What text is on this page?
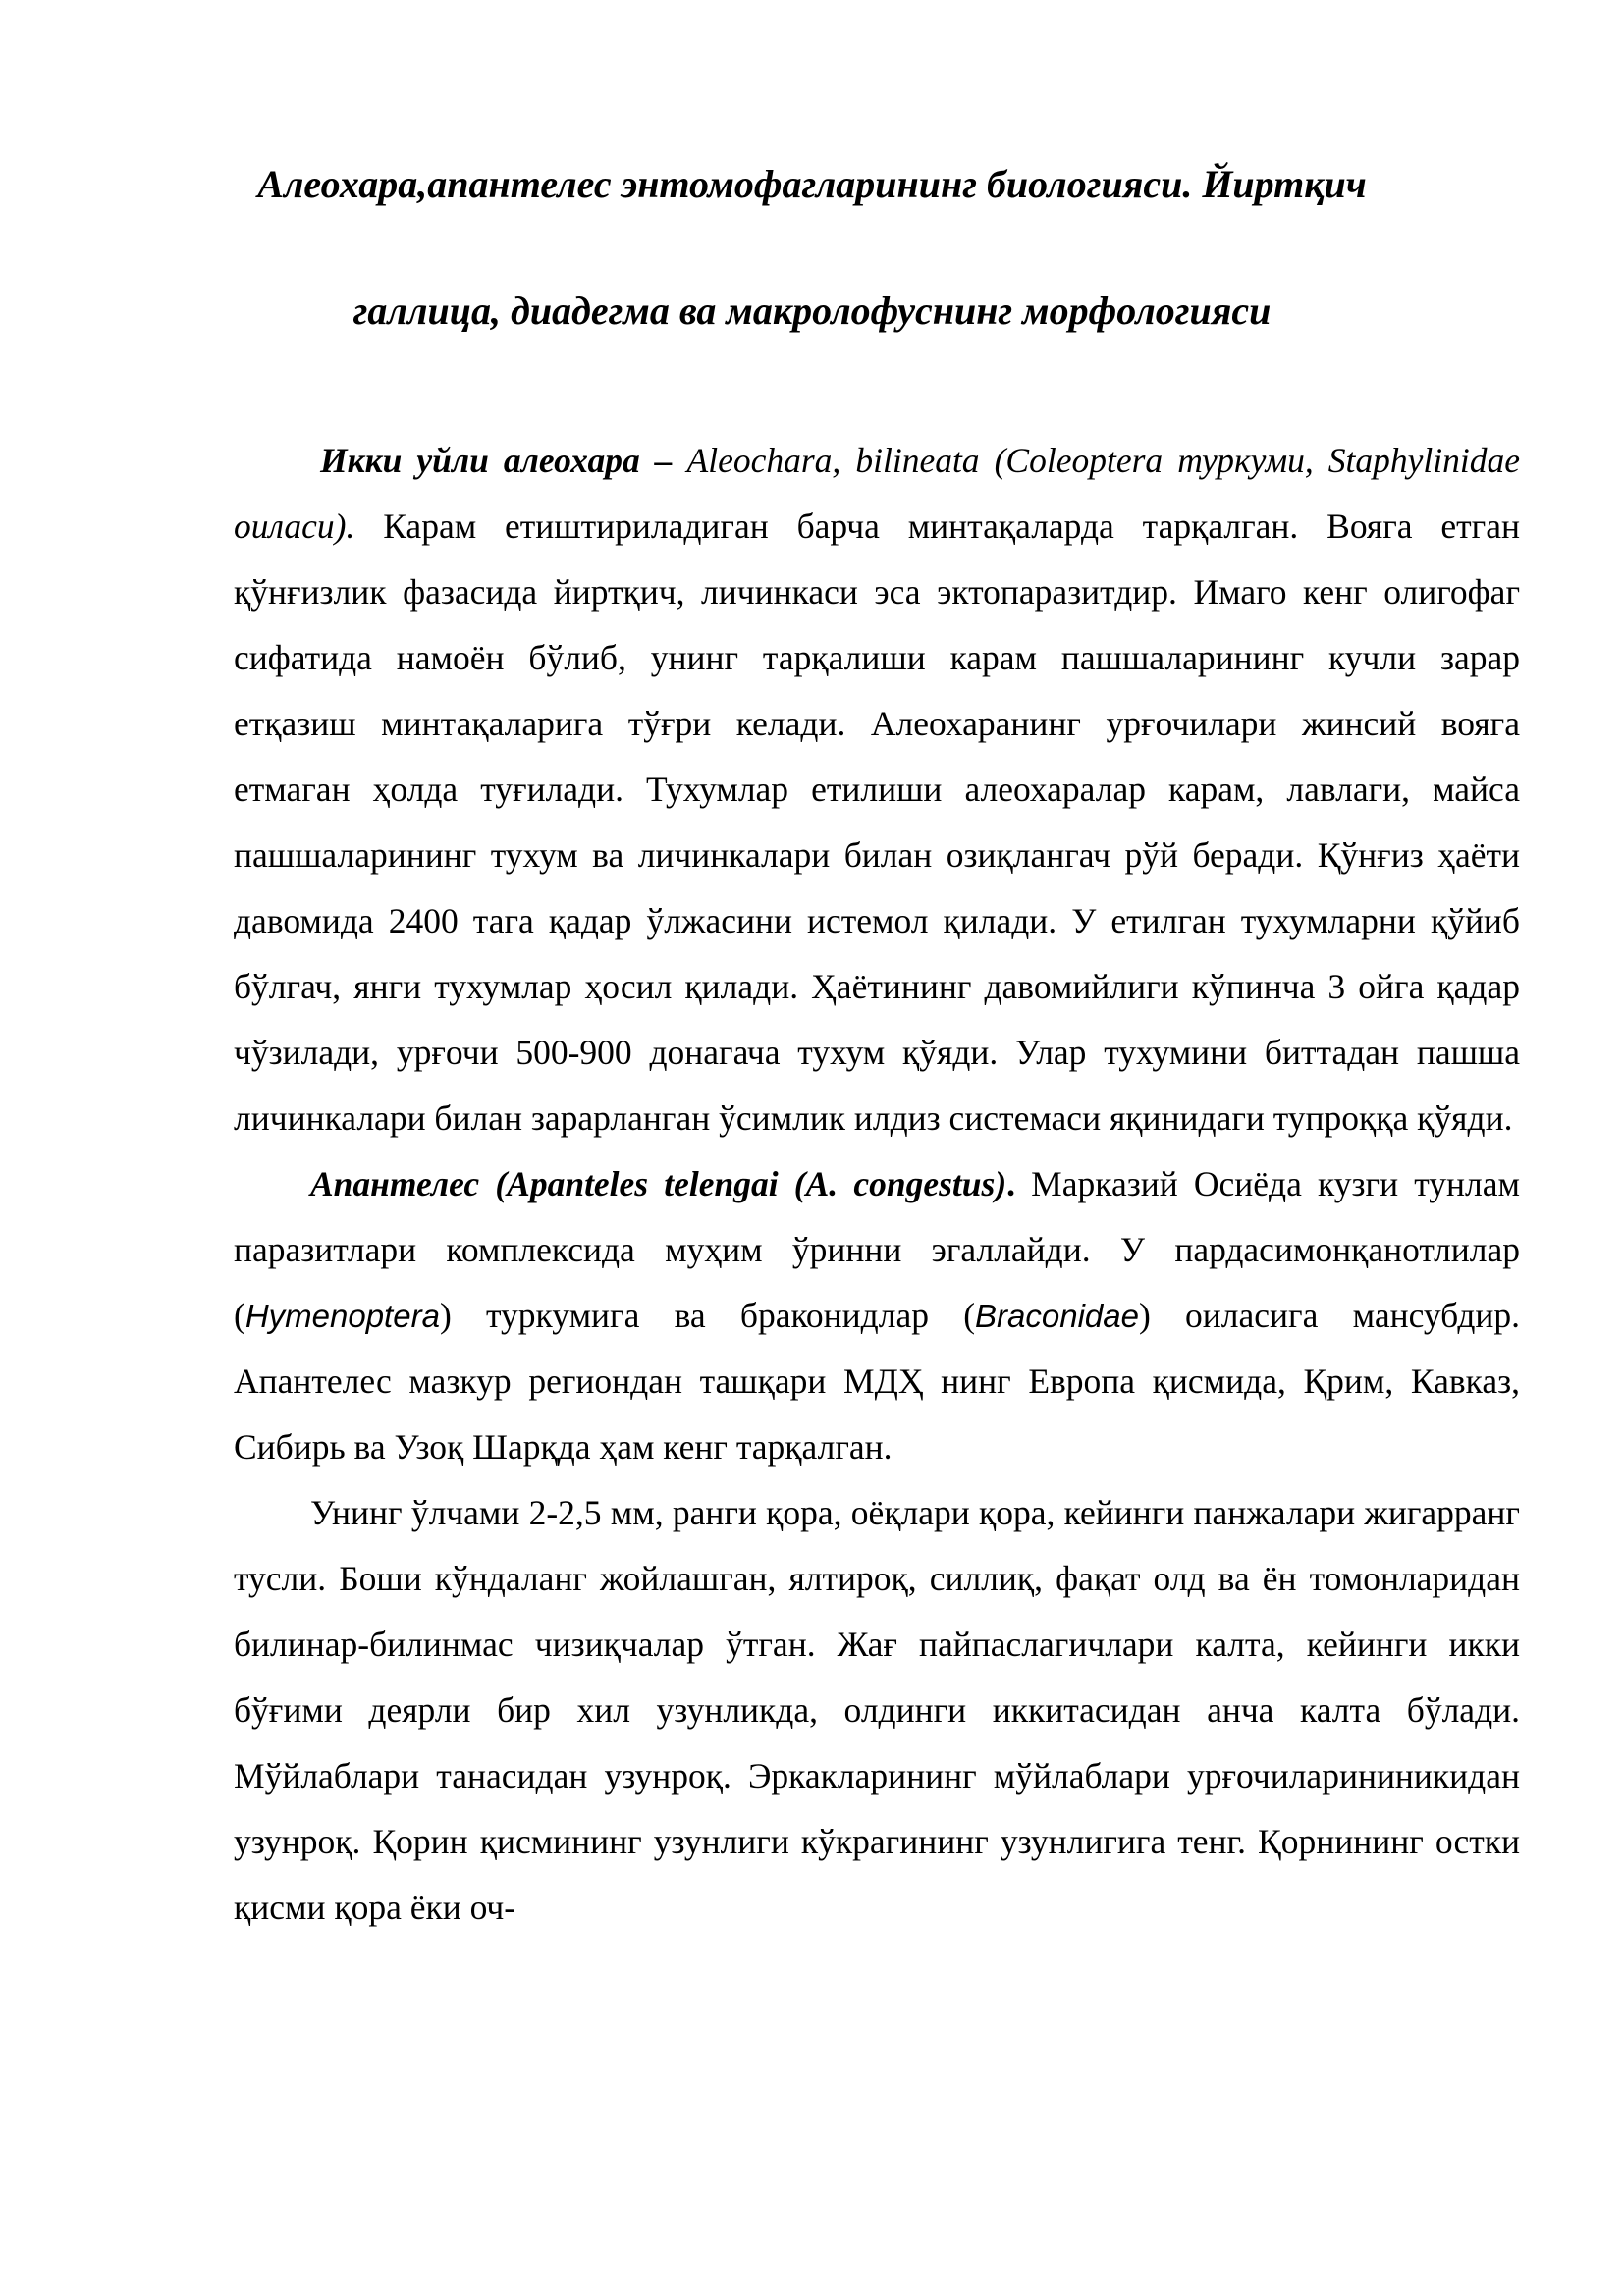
Алеохара,апантелес энтомофагларининг биологияси. Йиртқич
галлица, диадегма ва макролофуснинг морфологияси

Икки уйли алеохара – Aleochara, bilineata (Coleoptera туркуми, Staphylinidae оиласи). Карам етиштириладиган барча минтақаларда тарқалган. Вояга етган қўнғизлик фазасида йиртқич, личинкаси эса эктопаразитдир. Имаго кенг олигофаг сифатида намоён бўлиб, унинг тарқалиши карам пашшаларининг кучли зарар етқазиш минтақаларига тўғри келади. Алеохаранинг урғочилари жинсий вояга етмаган ҳолда туғилади. Тухумлар етилиши алеохаралар карам, лавлаги, майса пашшаларининг тухум ва личинкалари билан озиқлангач рўй беради. Қўнғиз ҳаёти давомида 2400 тага қадар ўлжасини истемол қилади. У етилган тухумларни қўйиб бўлгач, янги тухумлар ҳосил қилади. Ҳаётининг давомийлиги кўпинча 3 ойга қадар чўзилади, урғочи 500-900 донагача тухум қўяди. Улар тухумини биттадан пашша личинкалари билан зарарланган ўсимлик илдиз системаси яқинидаги тупроққа қўяди.

Апантелес (Apanteles telengai (A. congestus). Марказий Осиёда кузги тунлам паразитлари комплексида муҳим ўринни эгаллайди. У пардасимонқанотлилар (Hymenoptera) туркумига ва браконидлар (Braconidae) оиласига мансубдир. Апантелес мазкур региондан ташқари МДҲ нинг Европа қисмида, Қрим, Кавказ, Сибирь ва Узоқ Шарқда ҳам кенг тарқалган.

Унинг ўлчами 2-2,5 мм, ранги қора, оёқлари қора, кейинги панжалари жигарранг тусли. Боши кўндаланг жойлашган, ялтироқ, силлиқ, фақат олд ва ён томонларидан билинар-билинмас чизиқчалар ўтган. Жағ пайпаслагичлари калта, кейинги икки бўғими деярли бир хил узунликда, олдинги иккитасидан анча калта бўлади. Мўйлаблари танасидан узунроқ. Эркакларининг мўйлаблари урғочиларининикидан узунроқ. Қорин қисмининг узунлиги кўкрагининг узунлигига тенг. Қорнининг остки қисми қора ёки оч-
